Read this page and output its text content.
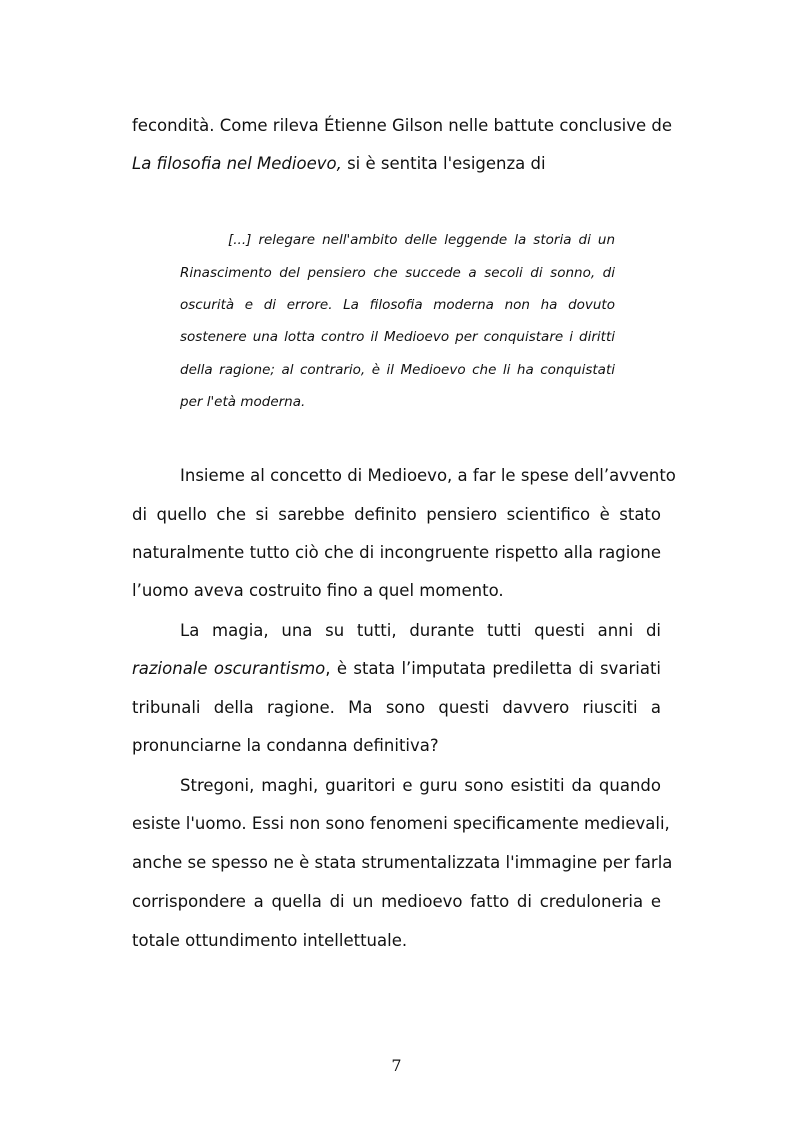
fecondità. Come rileva Étienne Gilson nelle battute conclusive de
La filosofia nel Medioevo, si è sentita l'esigenza di
[...] relegare nell'ambito delle leggende la storia di un
Rinascimento del pensiero che succede a secoli di sonno, di
oscurità e di errore. La filosofia moderna non ha dovuto
sostenere una lotta contro il Medioevo per conquistare i diritti
della ragione; al contrario, è il Medioevo che li ha conquistati
per l'età moderna.
Insieme al concetto di Medioevo, a far le spese dell’avvento
di quello che si sarebbe definito pensiero scientifico è stato
naturalmente tutto ciò che di incongruente rispetto alla ragione
l’uomo aveva costruito fino a quel momento.
La magia, una su tutti, durante tutti questi anni di
razionale oscurantismo, è stata l’imputata prediletta di svariati
tribunali della ragione. Ma sono questi davvero riusciti a
pronunciarne la condanna definitiva?
Stregoni, maghi, guaritori e guru sono esistiti da quando
esiste l'uomo. Essi non sono fenomeni specificamente medievali,
anche se spesso ne è stata strumentalizzata l'immagine per farla
corrispondere a quella di un medioevo fatto di creduloneria e
totale ottundimento intellettuale.
7
